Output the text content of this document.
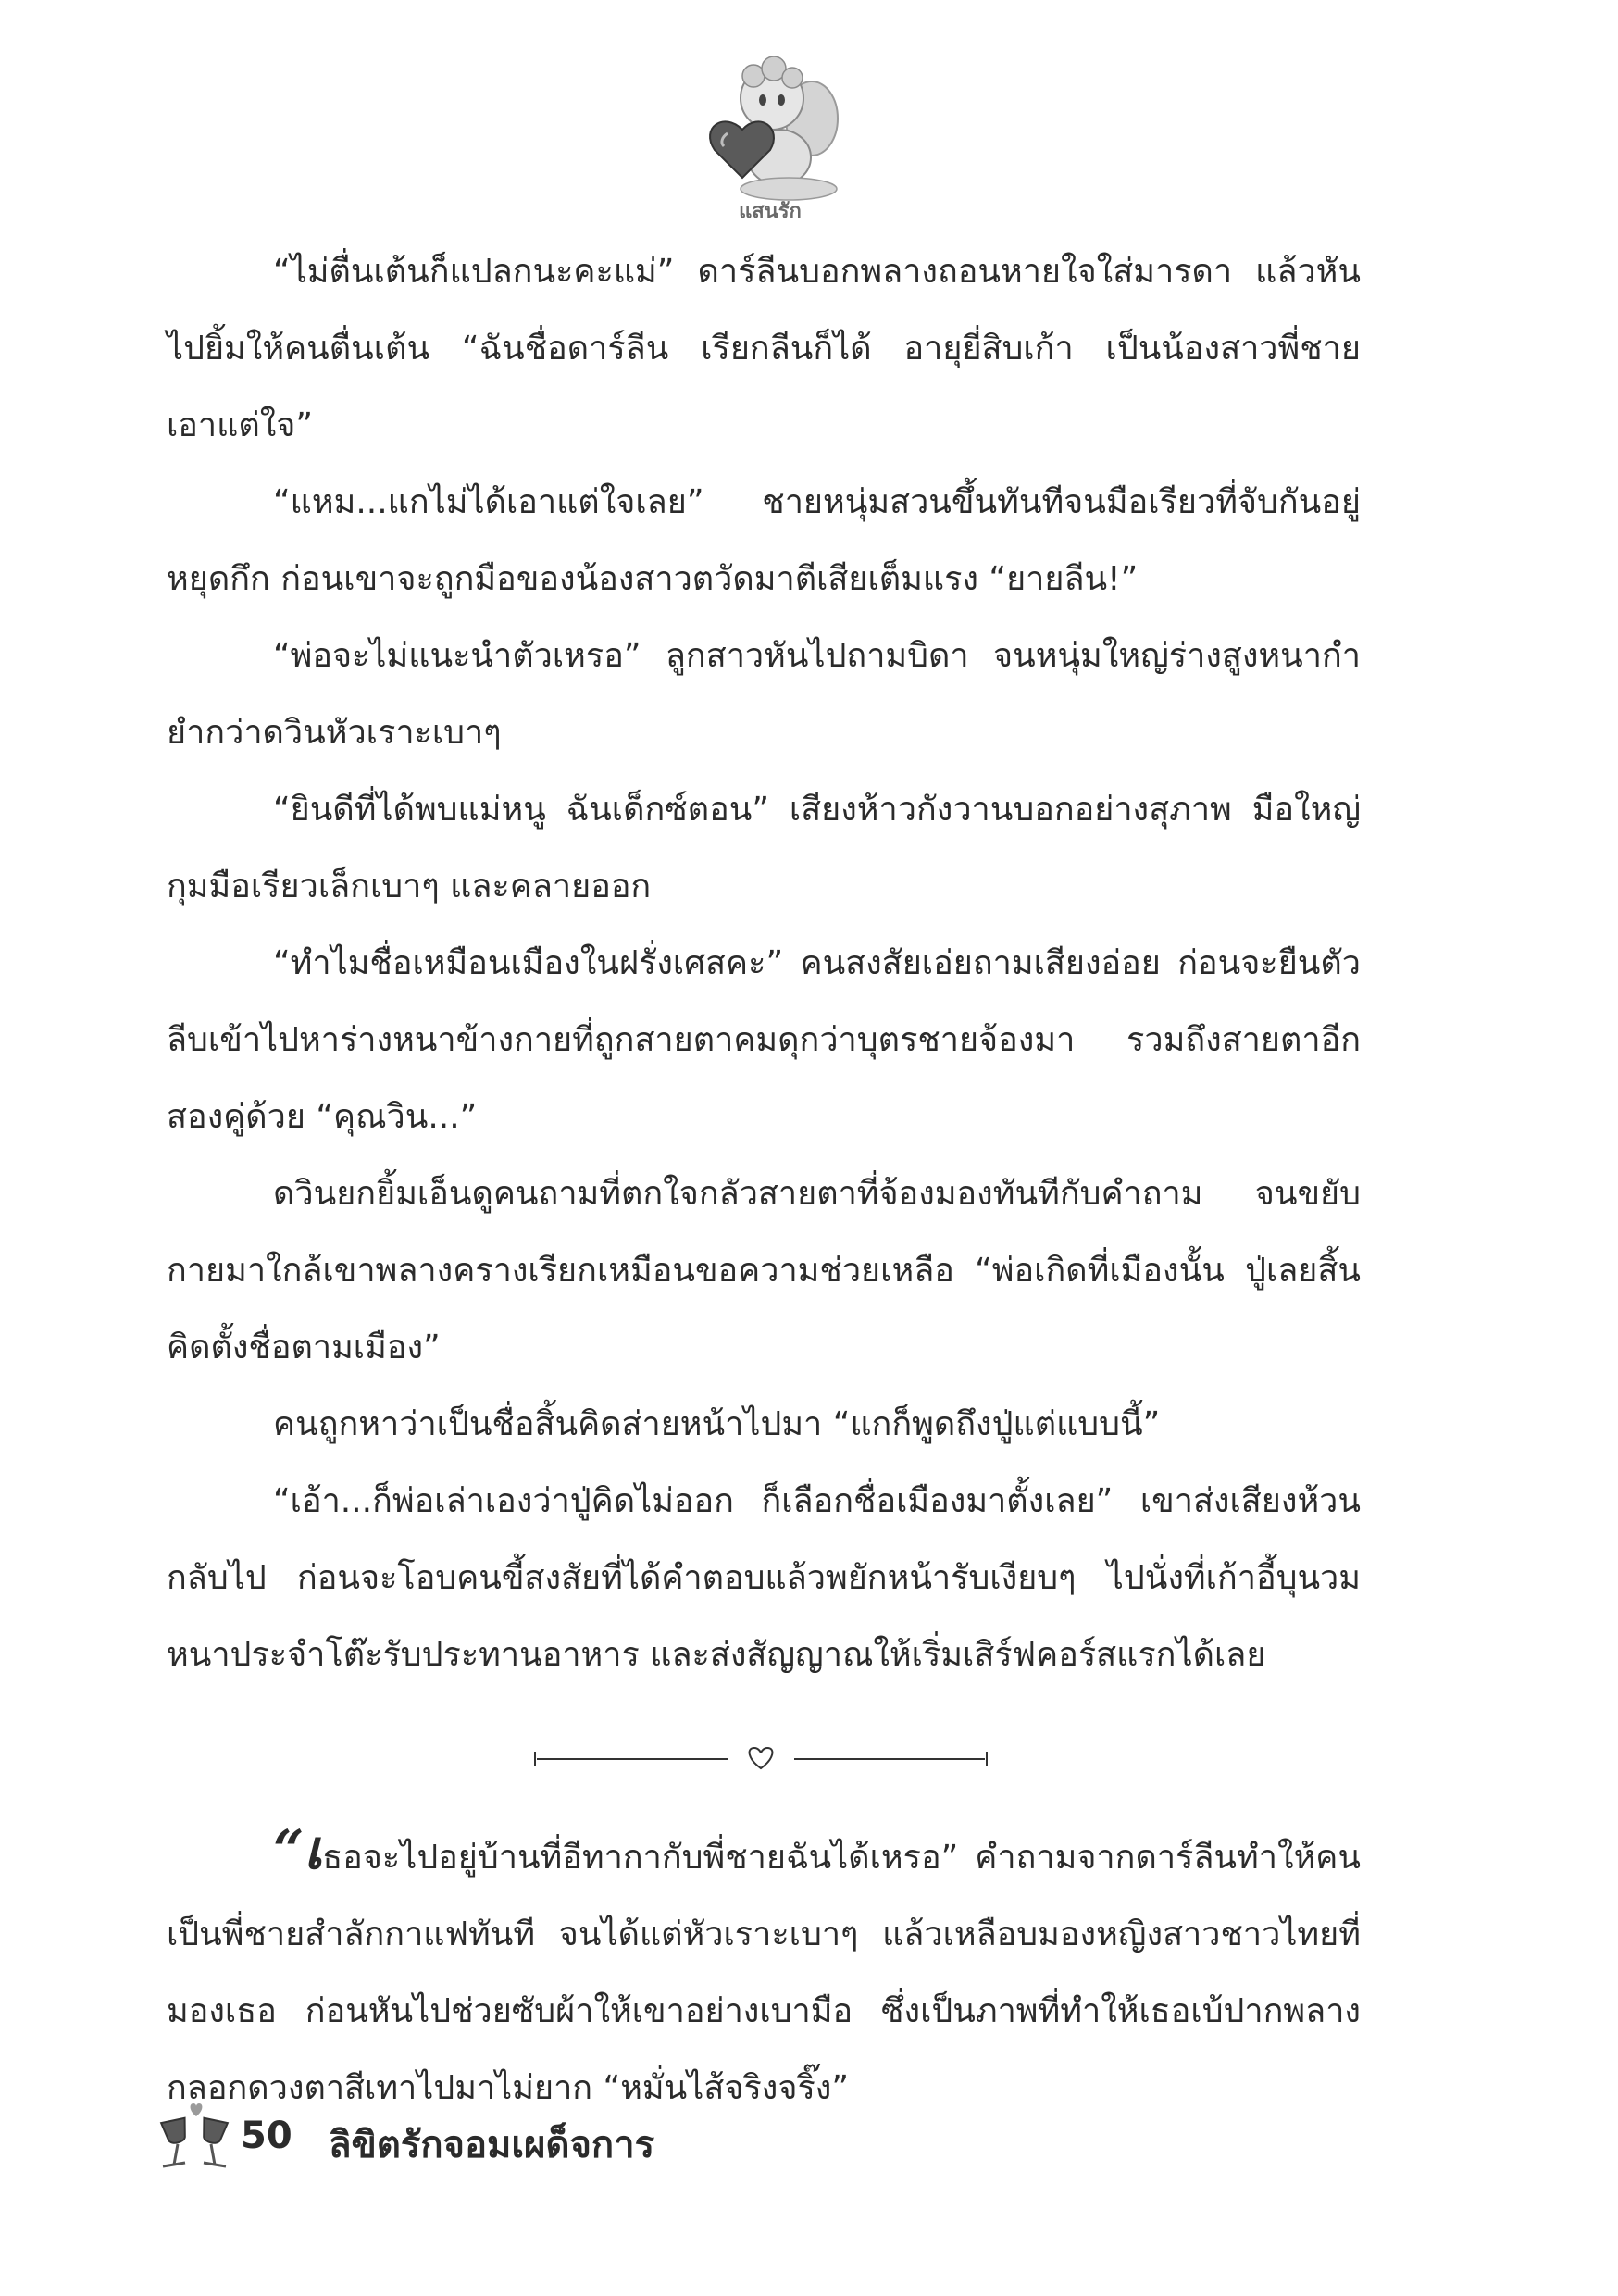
แสนรัก

“ไม่ตื่นเต้นก็แปลกนะคะแม่” ดาร์ลีนบอกพลางถอนหายใจใส่มารดา แล้วหันไปยิ้มให้คนตื่นเต้น “ฉันชื่อดาร์ลีน เรียกลีนก็ได้ อายุยี่สิบเก้า เป็นน้องสาวพี่ชายเอาแต่ใจ”

“แหม...แกไม่ได้เอาแต่ใจเลย” ชายหนุ่มสวนขึ้นทันทีจนมือเรียวที่จับกันอยู่หยุดกึก ก่อนเขาจะถูกมือของน้องสาวตวัดมาตีเสียเต็มแรง “ยายลีน!”

“พ่อจะไม่แนะนำตัวเหรอ” ลูกสาวหันไปถามบิดา จนหนุ่มใหญ่ร่างสูงหนากำยำกว่าดวินหัวเราะเบาๆ

“ยินดีที่ได้พบแม่หนู ฉันเด็กซ์ตอน” เสียงห้าวกังวานบอกอย่างสุภาพ มือใหญ่กุมมือเรียวเล็กเบาๆ และคลายออก

“ทำไมชื่อเหมือนเมืองในฝรั่งเศสคะ” คนสงสัยเอ่ยถามเสียงอ่อย ก่อนจะยืนตัวลีบเข้าไปหาร่างหนาข้างกายที่ถูกสายตาคมดุกว่าบุตรชายจ้องมา รวมถึงสายตาอีกสองคู่ด้วย “คุณวิน...”

ดวินยกยิ้มเอ็นดูคนถามที่ตกใจกลัวสายตาที่จ้องมองทันทีกับคำถาม จนขยับกายมาใกล้เขาพลางครางเรียกเหมือนขอความช่วยเหลือ “พ่อเกิดที่เมืองนั้น ปู่เลยสิ้นคิดตั้งชื่อตามเมือง”

คนถูกหาว่าเป็นชื่อสิ้นคิดส่ายหน้าไปมา “แกก็พูดถึงปู่แต่แบบนี้”

“เอ้า...ก็พ่อเล่าเองว่าปู่คิดไม่ออก ก็เลือกชื่อเมืองมาตั้งเลย” เขาส่งเสียงห้วนกลับไป ก่อนจะโอบคนขี้สงสัยที่ได้คำตอบแล้วพยักหน้ารับเงียบๆ ไปนั่งที่เก้าอี้บุนวมหนาประจำโต๊ะรับประทานอาหาร และส่งสัญญาณให้เริ่มเสิร์ฟคอร์สแรกได้เลย

“เธอจะไปอยู่บ้านที่อีทากากับพี่ชายฉันได้เหรอ” คำถามจากดาร์ลีนทำให้คนเป็นพี่ชายสำลักกาแฟทันที จนได้แต่หัวเราะเบาๆ แล้วเหลือบมองหญิงสาวชาวไทยที่มองเธอ ก่อนหันไปช่วยซับผ้าให้เขาอย่างเบามือ ซึ่งเป็นภาพที่ทำให้เธอเบ้ปากพลางกลอกดวงตาสีเทาไปมาไม่ยาก “หมั่นไส้จริงจริ๊ง”

50 ลิขิตรักจอมเผด็จการ
